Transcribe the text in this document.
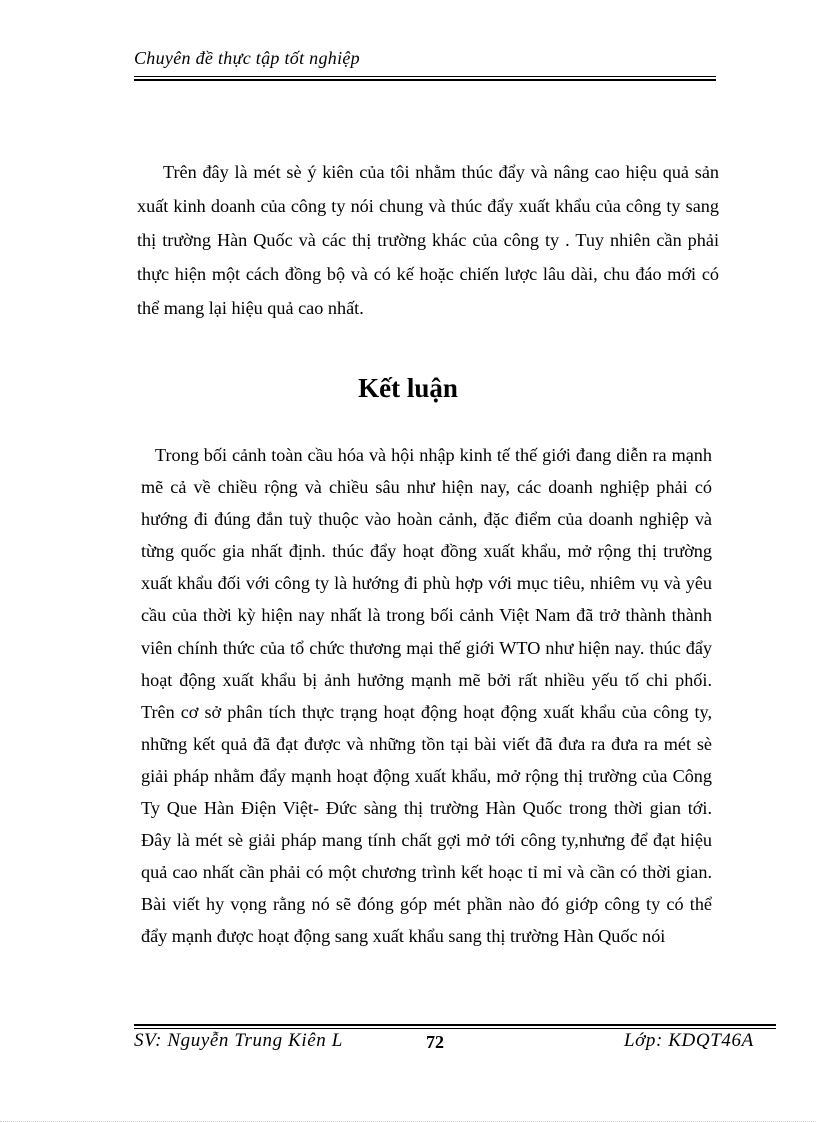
Chuyên đề thực tập tốt nghiệp

Trên đây là mét sè ý kiên của tôi nhằm thúc đẩy và nâng cao hiệu quả sản xuất kinh doanh của công ty nói chung và thúc đẩy xuất khẩu của công ty sang thị trường Hàn Quốc và các thị trường khác của công ty . Tuy nhiên cần phải thực hiện một cách đồng bộ và có kế hoặc chiến lược lâu dài, chu đáo mới có thể mang lại hiệu quả cao nhất.

Kết luận

Trong bối cảnh toàn cầu hóa và hội nhập kinh tế thế giới đang diễn ra mạnh mẽ cả về chiều rộng và chiều sâu như hiện nay, các doanh nghiệp phải có hướng đi đúng đắn tuỳ thuộc vào hoàn cảnh, đặc điểm của doanh nghiệp và từng quốc gia nhất định. thúc đẩy hoạt đồng xuất khẩu, mở rộng thị trường xuất khẩu đối với công ty là hướng đi phù hợp với mục tiêu, nhiêm vụ và yêu cầu của thời kỳ hiện nay nhất là trong bối cảnh Việt Nam đã trở thành thành viên chính thức của tổ chức thương mại thế giới WTO như hiện nay. thúc đẩy hoạt động xuất khẩu bị ảnh hưởng mạnh mẽ bởi rất nhiều yếu tố chi phối. Trên cơ sở phân tích thực trạng hoạt động hoạt động xuất khẩu của công ty, những kết quả đã đạt được và những tồn tại bài viết đã đưa ra đưa ra mét sè giải pháp nhằm đẩy mạnh hoạt động xuất khẩu, mở rộng thị trường của Công Ty Que Hàn Điện Việt- Đức sàng thị trường Hàn Quốc trong thời gian tới. Đây là mét sè giải pháp mang tính chất gợi mở tới công ty,nhưng để đạt hiệu quả cao nhất cần phải có một chương trình kết hoạc tỉ mỉ và cần có thời gian. Bài viết hy vọng rằng nó sẽ đóng góp mét phần nào đó giớp công ty có thể đẩy mạnh được hoạt động sang xuất khẩu sang thị trường Hàn Quốc nói

SV: Nguyễn Trung Kiên L	72	Lớp: KDQT46A
